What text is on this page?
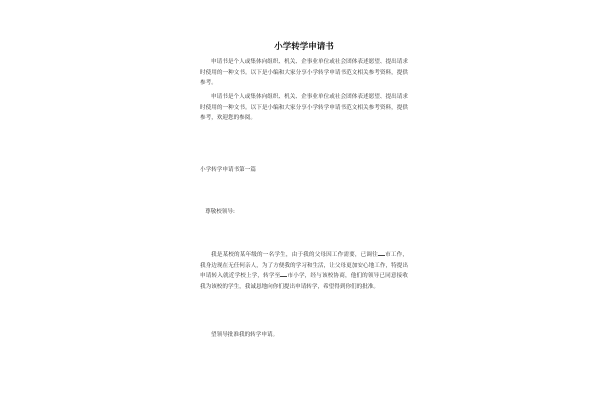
小学转学申请书

申请书是个人或集体向组织、机关、企事业单位或社会团体表述愿望、提出请求时使用的一种文书。以下是小编和大家分享小学转学申请书范文相关参考资料，提供参考。

申请书是个人或集体向组织、机关、企事业单位或社会团体表述愿望、提出请求时使用的一种文书。以下是小编和大家分享小学转学申请书范文相关参考资料，提供参考，欢迎您的参阅。

小学转学申请书第一篇

尊敬校领导:

我是某校的某年级的一名学生，由于我的父母因工作需要，已调往 市工作，我身边现在无任何亲人，为了方便我的学习和生活，让父母更加安心地工作，特提出申请转入就近学校上学，转学至 市小学，经与该校协商，他们的领导已同意接收我为该校的学生，我诚恳地向你们提出申请转学，希望得到你们的批准。

望领导批准我的转学申请。
